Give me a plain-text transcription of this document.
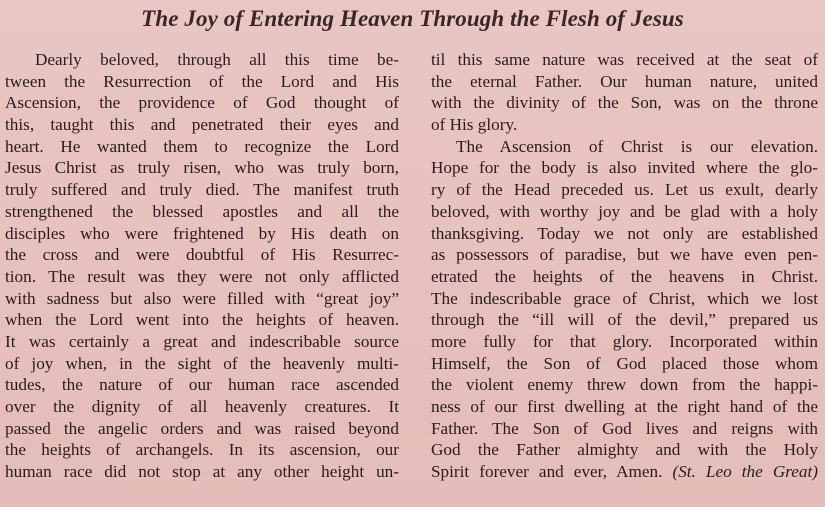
The Joy of Entering Heaven Through the Flesh of Jesus
Dearly beloved, through all this time be-
tween the Resurrection of the Lord and His
Ascension, the providence of God thought of
this, taught this and penetrated their eyes and
heart. He wanted them to recognize the Lord
Jesus Christ as truly risen, who was truly born,
truly suffered and truly died. The manifest truth
strengthened the blessed apostles and all the
disciples who were frightened by His death on
the cross and were doubtful of His Resurrec-
tion. The result was they were not only afflicted
with sadness but also were filled with “great joy”
when the Lord went into the heights of heaven.
It was certainly a great and indescribable source
of joy when, in the sight of the heavenly multi-
tudes, the nature of our human race ascended
over the dignity of all heavenly creatures. It
passed the angelic orders and was raised beyond
the heights of archangels. In its ascension, our
human race did not stop at any other height un-
til this same nature was received at the seat of
the eternal Father. Our human nature, united
with the divinity of the Son, was on the throne
of His glory.
The Ascension of Christ is our elevation.
Hope for the body is also invited where the glo-
ry of the Head preceded us. Let us exult, dearly
beloved, with worthy joy and be glad with a holy
thanksgiving. Today we not only are established
as possessors of paradise, but we have even pen-
etrated the heights of the heavens in Christ.
The indescribable grace of Christ, which we lost
through the “ill will of the devil,” prepared us
more fully for that glory. Incorporated within
Himself, the Son of God placed those whom
the violent enemy threw down from the happi-
ness of our first dwelling at the right hand of the
Father. The Son of God lives and reigns with
God the Father almighty and with the Holy
Spirit forever and ever, Amen. (St. Leo the Great)
